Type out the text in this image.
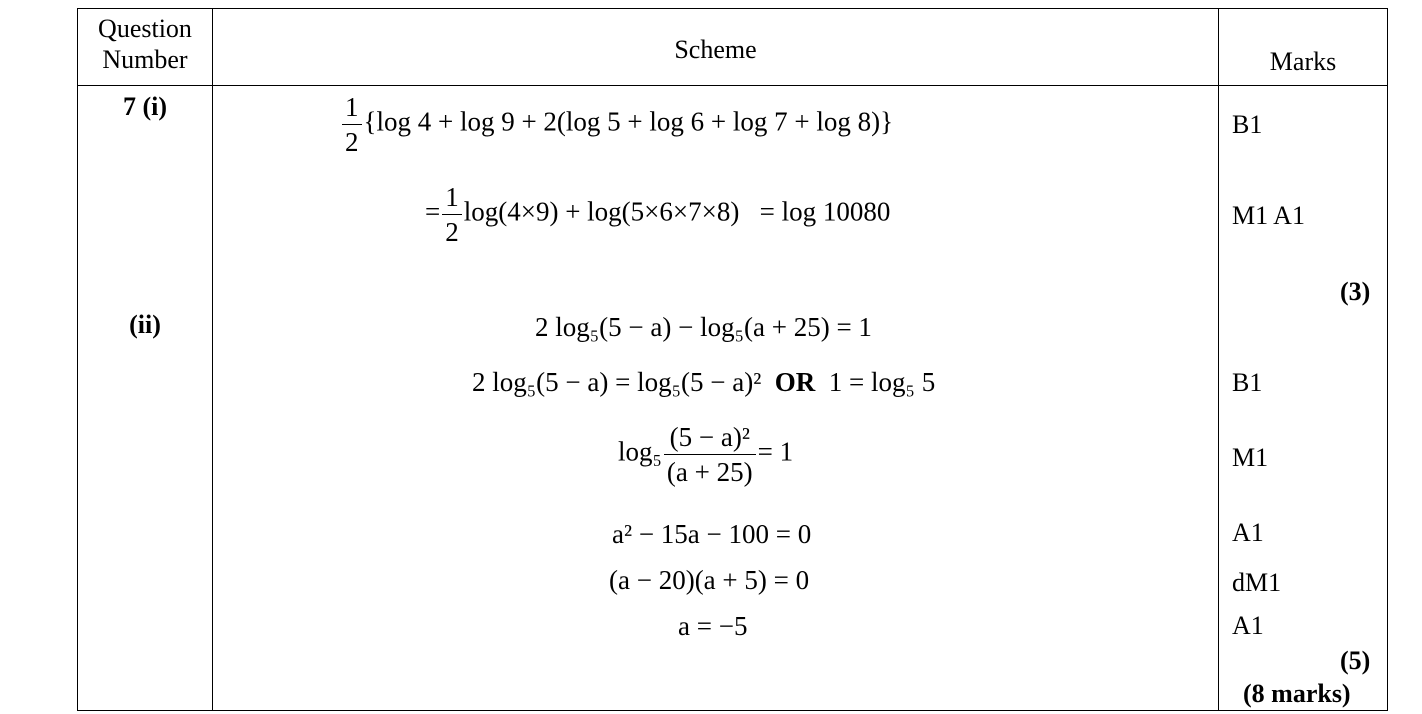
Question
Number	Scheme	Marks
7 (i)
(ii)
$\frac{1}{2} \{\log$ 4 + log 9 + 2(log 5 + log 6 + log 7 + log 8)}
= $\frac{1}{2} \log(4\times 9) + \log(5\times 6\times 7\times 8) = \log 10080$
2 log₅(5 − a) − log₅(a + 25) = 1
2 log₅(5 − a) = log₅(5 − a)² OR 1 = log₅ 5
$\log_5 \frac{\text{(5 − a)²}}{(a + 25)} = 1$
a² − 15a − 100 = 0
(a − 20)(a + 5) = 0
a = −5
B1
M1 A1
(3)
B1
M1
A1
dM1
A1
(5)
(8 marks)
